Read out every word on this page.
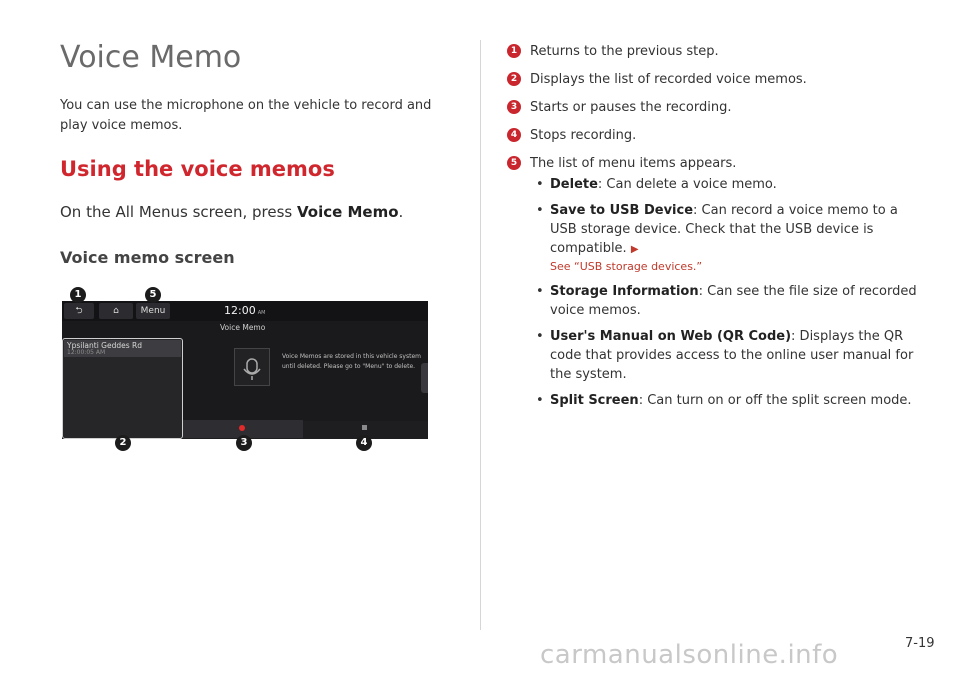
Voice Memo
You can use the microphone on the vehicle to record and play voice memos.
Using the voice memos
On the All Menus screen, press Voice Memo.
Voice memo screen
⮌	⌂	Menu	12:00 AM
Voice Memo
Ypsilanti Geddes Rd
12:00:05 AM
Voice Memos are stored in this vehicle system until deleted. Please go to "Menu" to delete.
1	5
2	3	4
1 Returns to the previous step.
2 Displays the list of recorded voice memos.
3 Starts or pauses the recording.
4 Stops recording.
5 The list of menu items appears.
• Delete: Can delete a voice memo.
• Save to USB Device: Can record a voice memo to a USB storage device. Check that the USB device is compatible. ▶
See “USB storage devices.”
• Storage Information: Can see the file size of recorded voice memos.
• User's Manual on Web (QR Code): Displays the QR code that provides access to the online user manual for the system.
• Split Screen: Can turn on or off the split screen mode.
carmanualsonline.info	7-19
